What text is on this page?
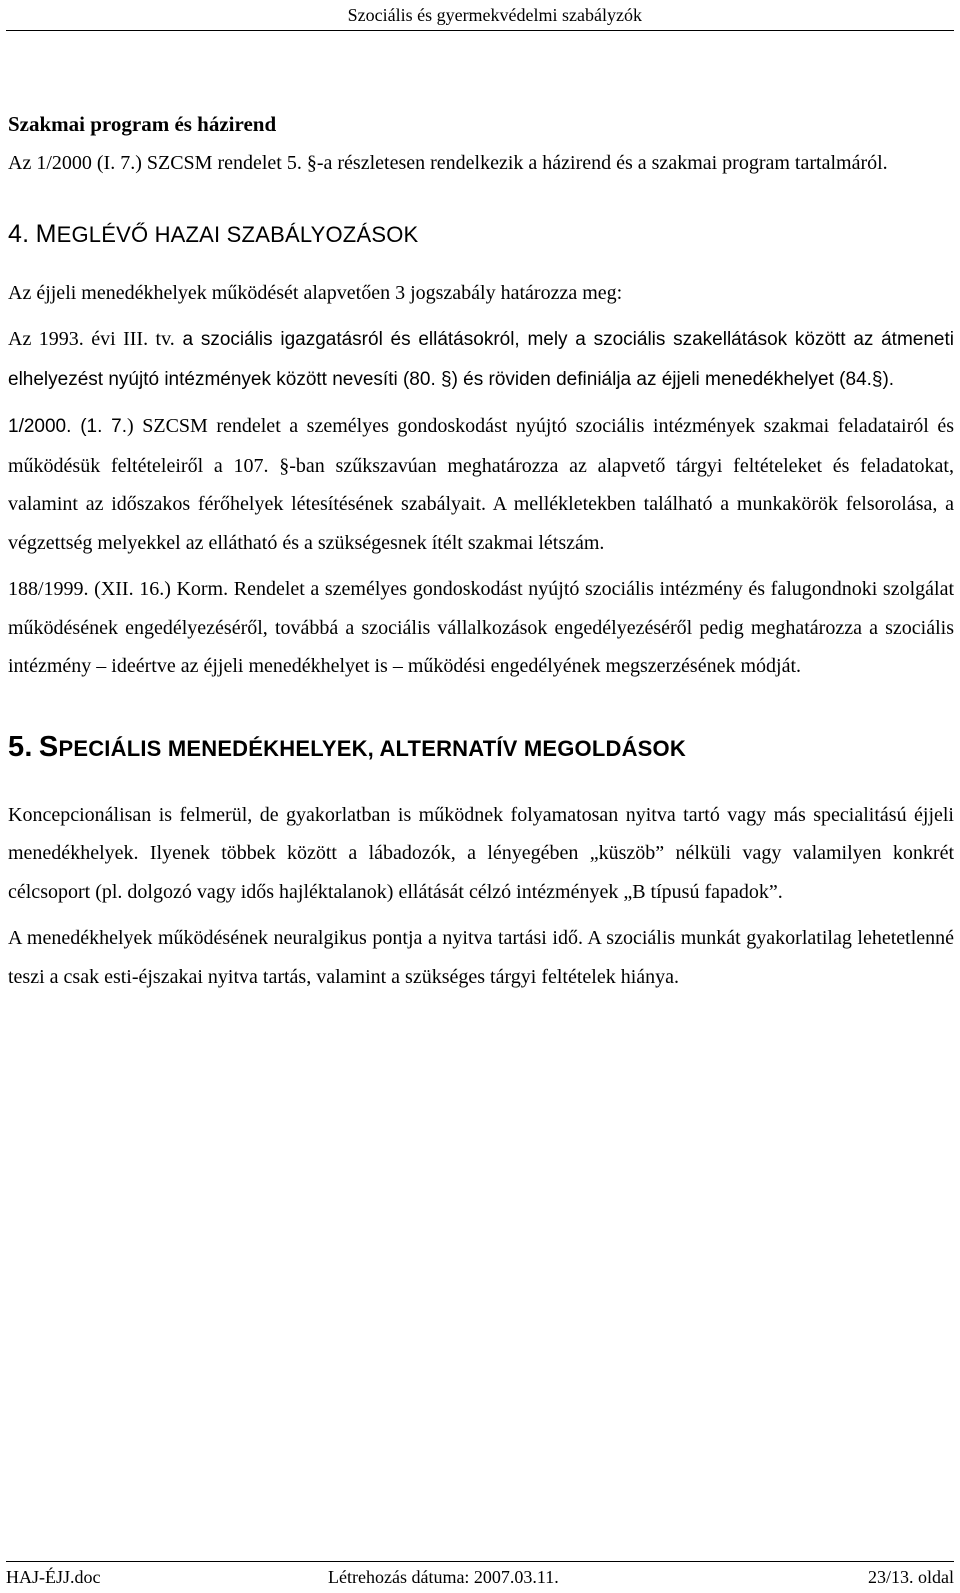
Szociális és gyermekvédelmi szabályzók
Szakmai program és házirend

Az 1/2000 (I. 7.) SZCSM rendelet 5. §-a részletesen rendelkezik a házirend és a szakmai program tartalmáról.

4. MEGLÉVŐ HAZAI SZABÁLYOZÁSOK

Az éjjeli menedékhelyek működését alapvetően 3 jogszabály határozza meg:

Az 1993. évi III. tv. a szociális igazgatásról és ellátásokról, mely a szociális szakellátások között az átmeneti elhelyezést nyújtó intézmények között nevesíti (80. §) és röviden definiálja az éjjeli menedékhelyet (84.§).

1/2000. (1. 7.) SZCSM rendelet a személyes gondoskodást nyújtó szociális intézmények szakmai feladatairól és működésük feltételeiről a 107. §-ban szűkszavúan meghatározza az alapvető tárgyi feltételeket és feladatokat, valamint az időszakos férőhelyek létesítésének szabályait. A mellékletekben található a munkakörök felsorolása, a végzettség melyekkel az ellátható és a szükségesnek ítélt szakmai létszám.

188/1999. (XII. 16.) Korm. Rendelet a személyes gondoskodást nyújtó szociális intézmény és falugondnoki szolgálat működésének engedélyezéséről, továbbá a szociális vállalkozások engedélyezéséről pedig meghatározza a szociális intézmény – ideértve az éjjeli menedékhelyet is – működési engedélyének megszerzésének módját.

5. SPECIÁLIS MENEDÉKHELYEK, ALTERNATÍV MEGOLDÁSOK

Koncepcionálisan is felmerül, de gyakorlatban is működnek folyamatosan nyitva tartó vagy más specialitású éjjeli menedékhelyek. Ilyenek többek között a lábadozók, a lényegében „küszöb” nélküli vagy valamilyen konkrét célcsoport (pl. dolgozó vagy idős hajléktalanok) ellátását célzó intézmények „B típusú fapadok”.

A menedékhelyek működésének neuralgikus pontja a nyitva tartási idő. A szociális munkát gyakorlatilag lehetetlenné teszi a csak esti-éjszakai nyitva tartás, valamint a szükséges tárgyi feltételek hiánya.

HAJ-ÉJJ.doc	Létrehozás dátuma: 2007.03.11.	23/13. oldal
